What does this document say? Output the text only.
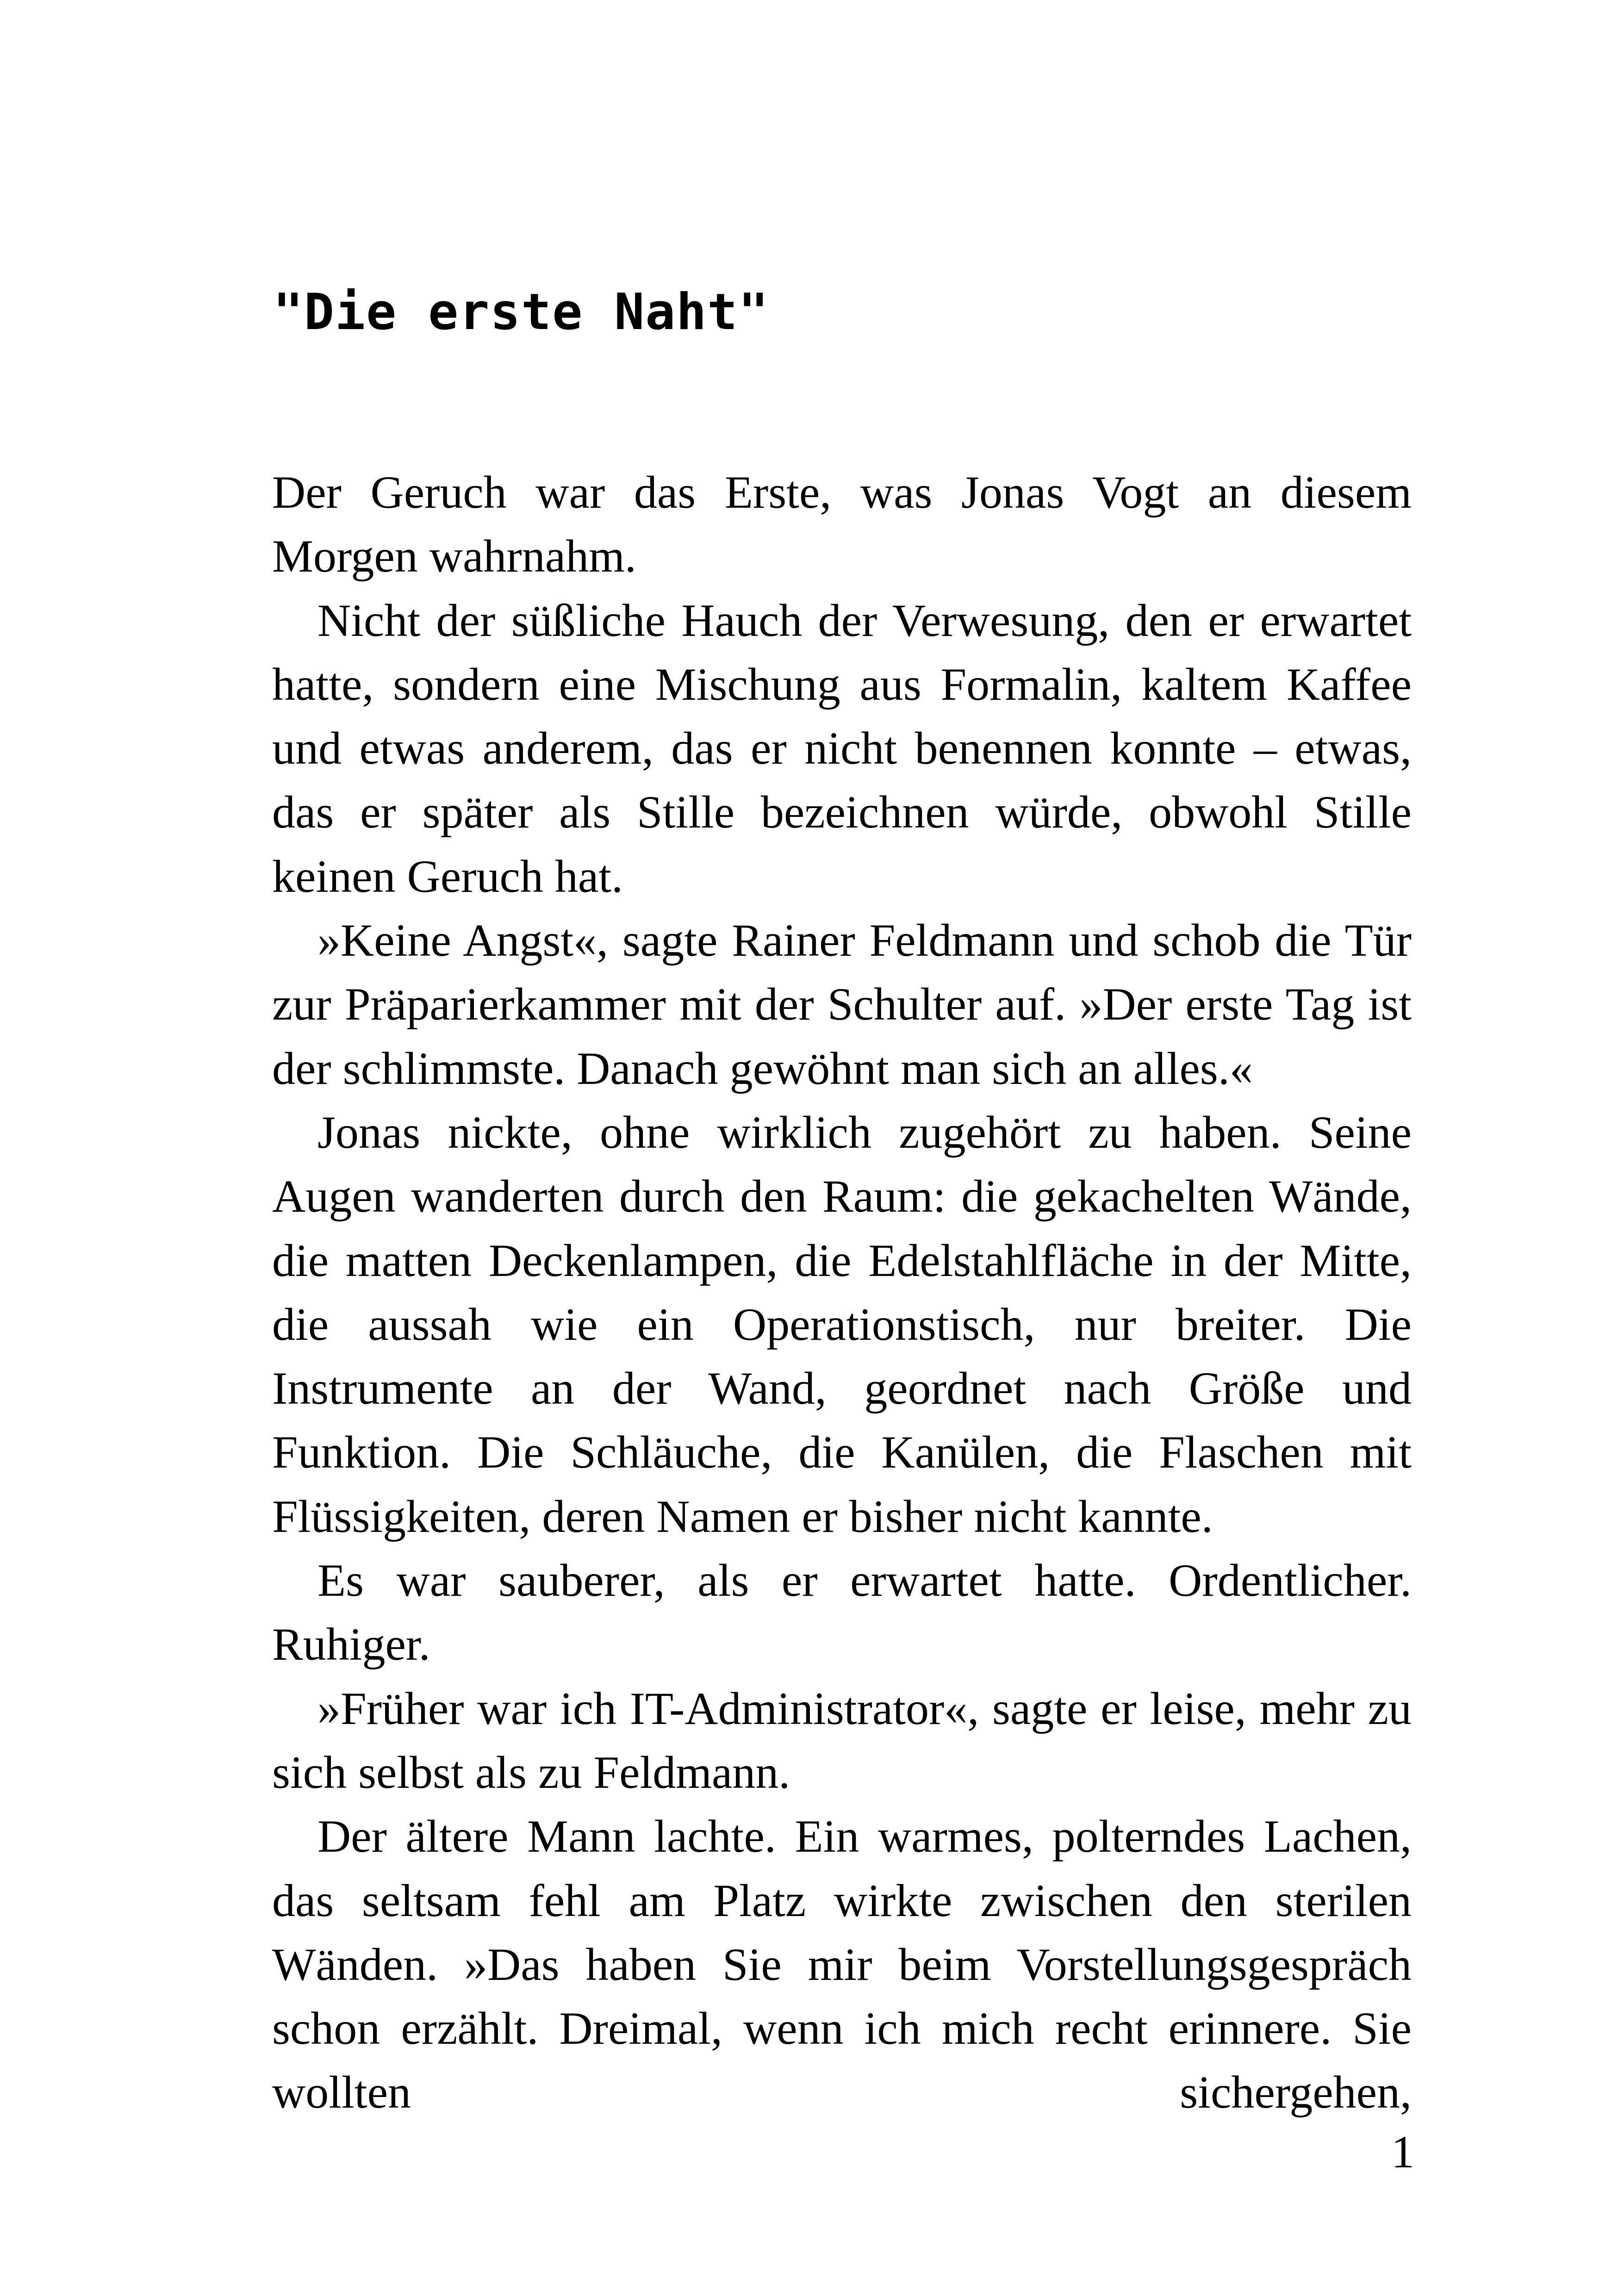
"Die erste Naht"

Der Geruch war das Erste, was Jonas Vogt an diesem Morgen wahrnahm.

Nicht der süßliche Hauch der Verwesung, den er erwartet hatte, sondern eine Mischung aus Formalin, kaltem Kaffee und etwas anderem, das er nicht benennen konnte – etwas, das er später als Stille bezeichnen würde, obwohl Stille keinen Geruch hat.

»Keine Angst«, sagte Rainer Feldmann und schob die Tür zur Präparierkammer mit der Schulter auf. »Der erste Tag ist der schlimmste. Danach gewöhnt man sich an alles.«

Jonas nickte, ohne wirklich zugehört zu haben. Seine Augen wanderten durch den Raum: die gekachelten Wände, die matten Deckenlampen, die Edelstahlfläche in der Mitte, die aussah wie ein Operationstisch, nur breiter. Die Instrumente an der Wand, geordnet nach Größe und Funktion. Die Schläuche, die Kanülen, die Flaschen mit Flüssigkeiten, deren Namen er bisher nicht kannte.

Es war sauberer, als er erwartet hatte. Ordentlicher. Ruhiger.

»Früher war ich IT-Administrator«, sagte er leise, mehr zu sich selbst als zu Feldmann.

Der ältere Mann lachte. Ein warmes, polterndes Lachen, das seltsam fehl am Platz wirkte zwischen den sterilen Wänden. »Das haben Sie mir beim Vorstellungsgespräch schon erzählt. Dreimal, wenn ich mich recht erinnere. Sie wollten sichergehen,

1
